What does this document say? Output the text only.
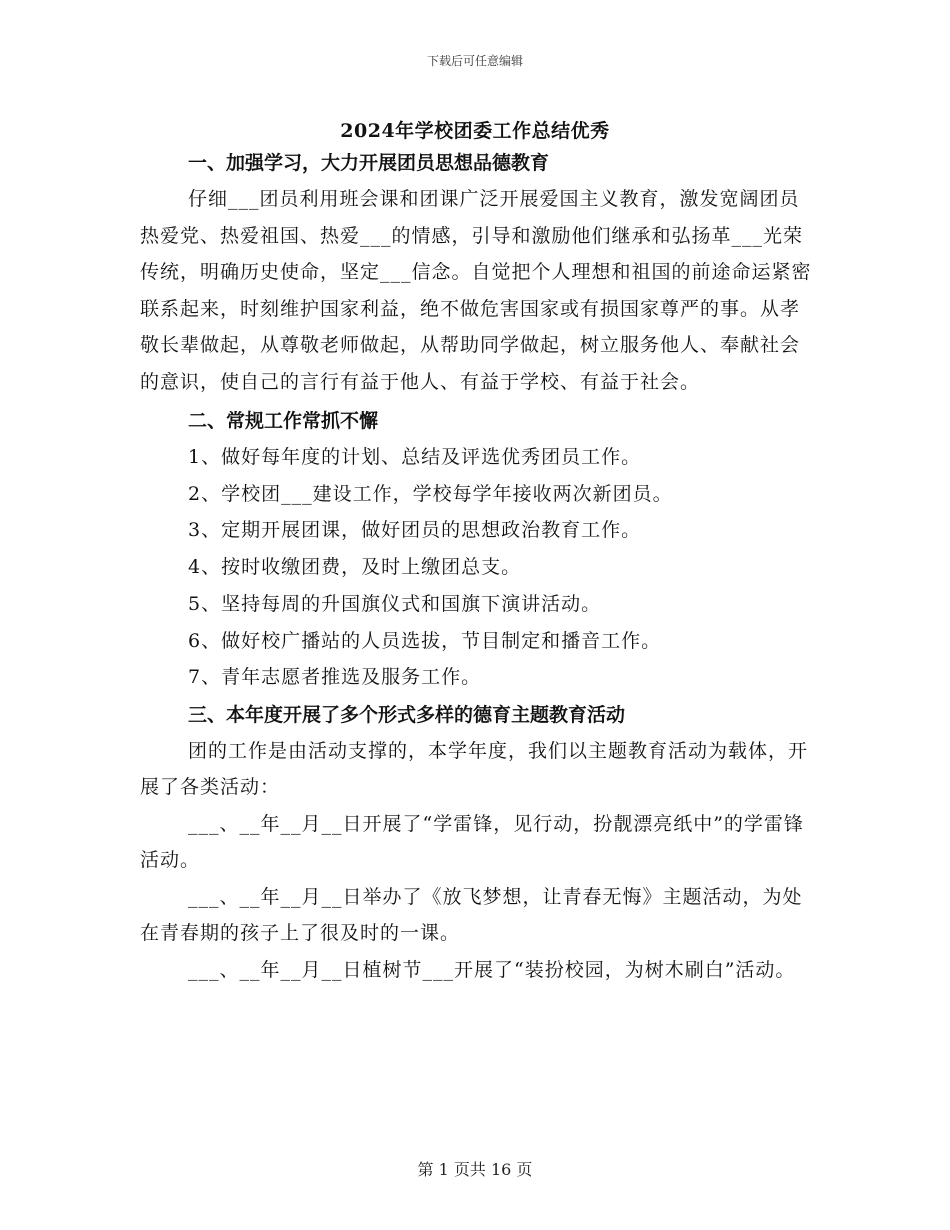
下载后可任意编辑
2024年学校团委工作总结优秀
一、加强学习，大力开展团员思想品德教育

仔细___团员利用班会课和团课广泛开展爱国主义教育，激发宽阔团员热爱党、热爱祖国、热爱___的情感，引导和激励他们继承和弘扬革___光荣传统，明确历史使命，坚定___信念。自觉把个人理想和祖国的前途命运紧密联系起来，时刻维护国家利益，绝不做危害国家或有损国家尊严的事。从孝敬长辈做起，从尊敬老师做起，从帮助同学做起，树立服务他人、奉献社会的意识，使自己的言行有益于他人、有益于学校、有益于社会。

二、常规工作常抓不懈
1、做好每年度的计划、总结及评选优秀团员工作。
2、学校团___建设工作，学校每学年接收两次新团员。
3、定期开展团课，做好团员的思想政治教育工作。
4、按时收缴团费，及时上缴团总支。
5、坚持每周的升国旗仪式和国旗下演讲活动。
6、做好校广播站的人员选拔，节目制定和播音工作。
7、青年志愿者推选及服务工作。
三、本年度开展了多个形式多样的德育主题教育活动

团的工作是由活动支撑的，本学年度，我们以主题教育活动为载体，开展了各类活动：

___、__年__月__日开展了“学雷锋，见行动，扮靓漂亮纸中”的学雷锋活动。

___、__年__月__日举办了《放飞梦想，让青春无悔》主题活动，为处在青春期的孩子上了很及时的一课。

___、__年__月__日植树节___开展了“装扮校园，为树木刷白”活动。

第 1 页共 16 页
